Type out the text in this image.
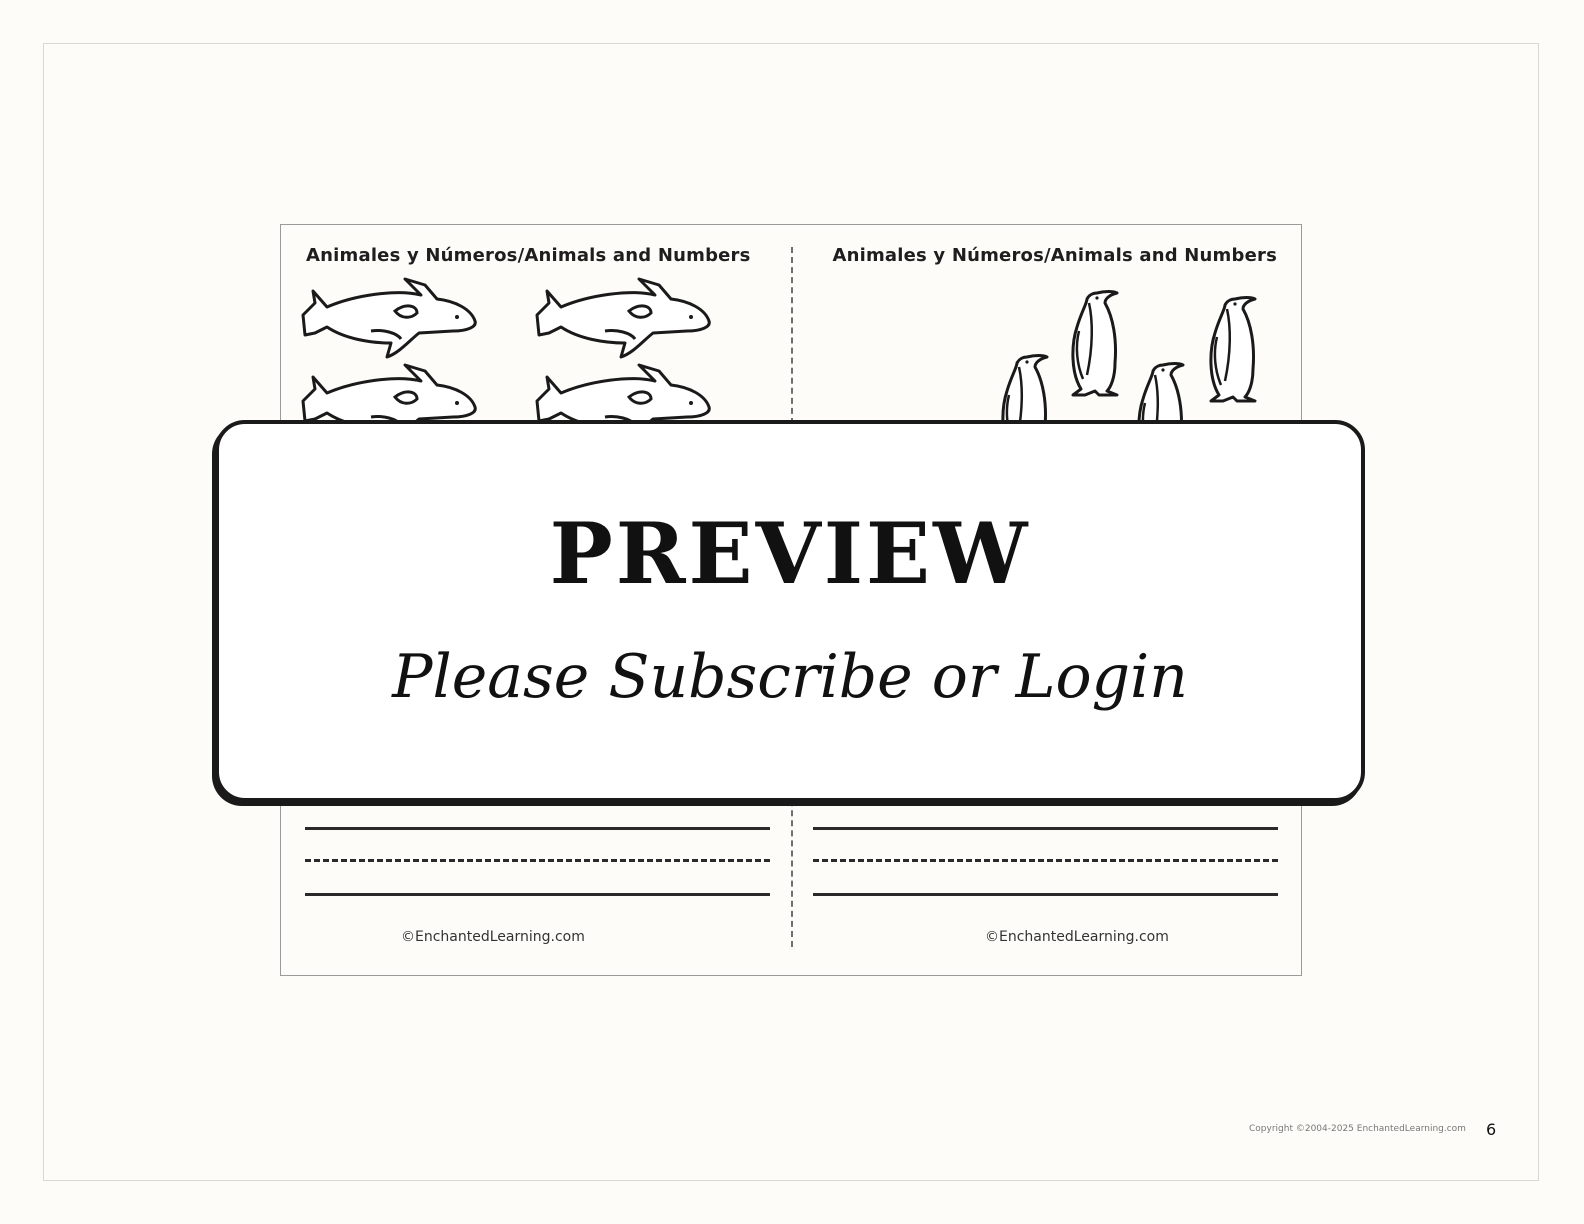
Animales y Números/Animals and Numbers
©EnchantedLearning.com
Animales y Números/Animals and Numbers
©EnchantedLearning.com
PREVIEW
Please Subscribe or Login
Copyright ©2004-2025 EnchantedLearning.com 6
